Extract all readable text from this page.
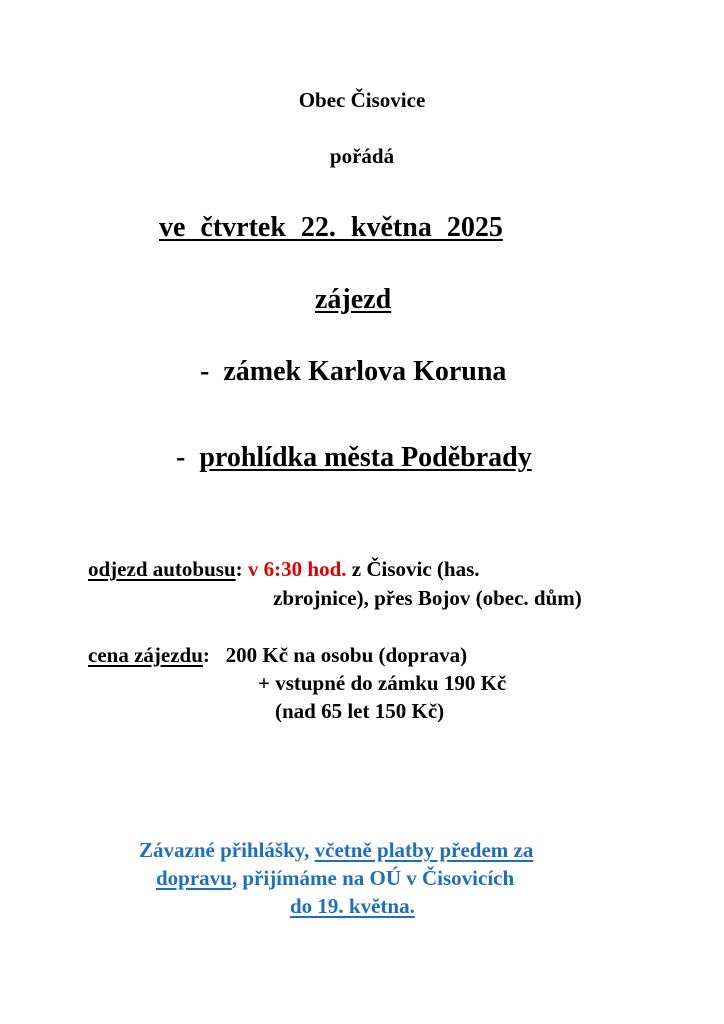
Obec Čisovice
pořádá
ve čtvrtek 22. května 2025
zájezd
- zámek Karlova Koruna
- prohlídka města Poděbrady
odjezd autobusu: v 6:30 hod. z Čisovic (has.
zbrojnice), přes Bojov (obec. dům)
cena zájezdu: 200 Kč na osobu (doprava)
+ vstupné do zámku 190 Kč
(nad 65 let 150 Kč)
Závazné přihlášky, včetně platby předem za
dopravu, přijímáme na OÚ v Čisovicích
do 19. května.
